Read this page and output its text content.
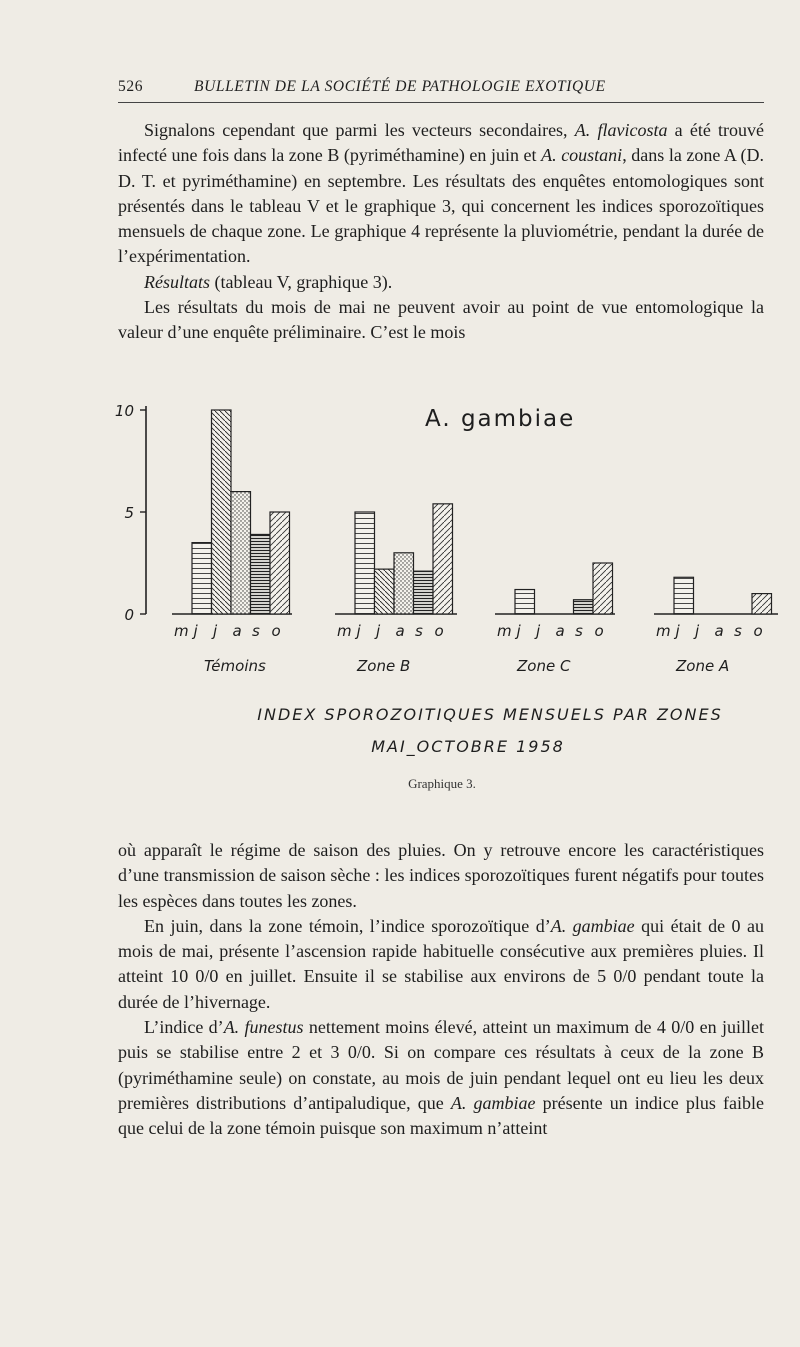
526	BULLETIN DE LA SOCIÉTÉ DE PATHOLOGIE EXOTIQUE

Signalons cependant que parmi les vecteurs secondaires, A. flavicosta a été trouvé infecté une fois dans la zone B (pyriméthamine) en juin et A. coustani, dans la zone A (D. D. T. et pyriméthamine) en septembre. Les résultats des enquêtes entomologiques sont présentés dans le tableau V et le graphique 3, qui concernent les indices sporozoïtiques mensuels de chaque zone. Le graphique 4 représente la pluviométrie, pendant la durée de l’expérimentation.

Résultats (tableau V, graphique 3).

Les résultats du mois de mai ne peuvent avoir au point de vue entomologique la valeur d’une enquête préliminaire. C’est le mois

0
5
10	A. gambiae
m j j a s o
Témoins
m j j a s o
Zone B
m j j a s o
Zone C
m j j a s o
Zone A
INDEX SPOROZOITIQUES MENSUELS PAR ZONES
MAI_OCTOBRE 1958
Graphique 3.

où apparaît le régime de saison des pluies. On y retrouve encore les caractéristiques d’une transmission de saison sèche : les indices sporozoïtiques furent négatifs pour toutes les espèces dans toutes les zones.

En juin, dans la zone témoin, l’indice sporozoïtique d’A. gambiae qui était de 0 au mois de mai, présente l’ascension rapide habituelle consécutive aux premières pluies. Il atteint 10 0/0 en juillet. Ensuite il se stabilise aux environs de 5 0/0 pendant toute la durée de l’hivernage.

L’indice d’A. funestus nettement moins élevé, atteint un maximum de 4 0/0 en juillet puis se stabilise entre 2 et 3 0/0. Si on compare ces résultats à ceux de la zone B (pyriméthamine seule) on constate, au mois de juin pendant lequel ont eu lieu les deux premières distributions d’antipaludique, que A. gambiae présente un indice plus faible que celui de la zone témoin puisque son maximum n’atteint
